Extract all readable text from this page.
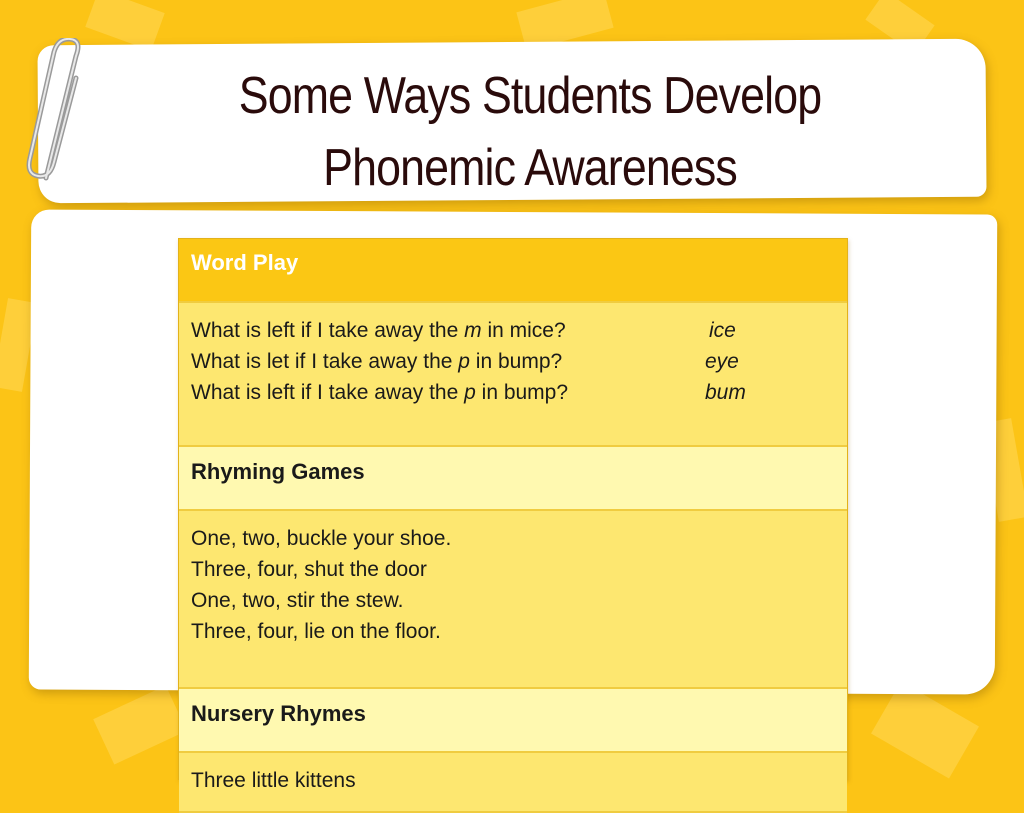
Some Ways Students Develop
Phonemic Awareness
Word Play
What is left if I take away the m in mice?	ice
What is let if I take away the p in bump?	eye
What is left if I take away the p in bump?	bum
Rhyming Games
One, two, buckle your shoe.
Three, four, shut the door
One, two, stir the stew.
Three, four, lie on the floor.
Nursery Rhymes
Three little kittens
